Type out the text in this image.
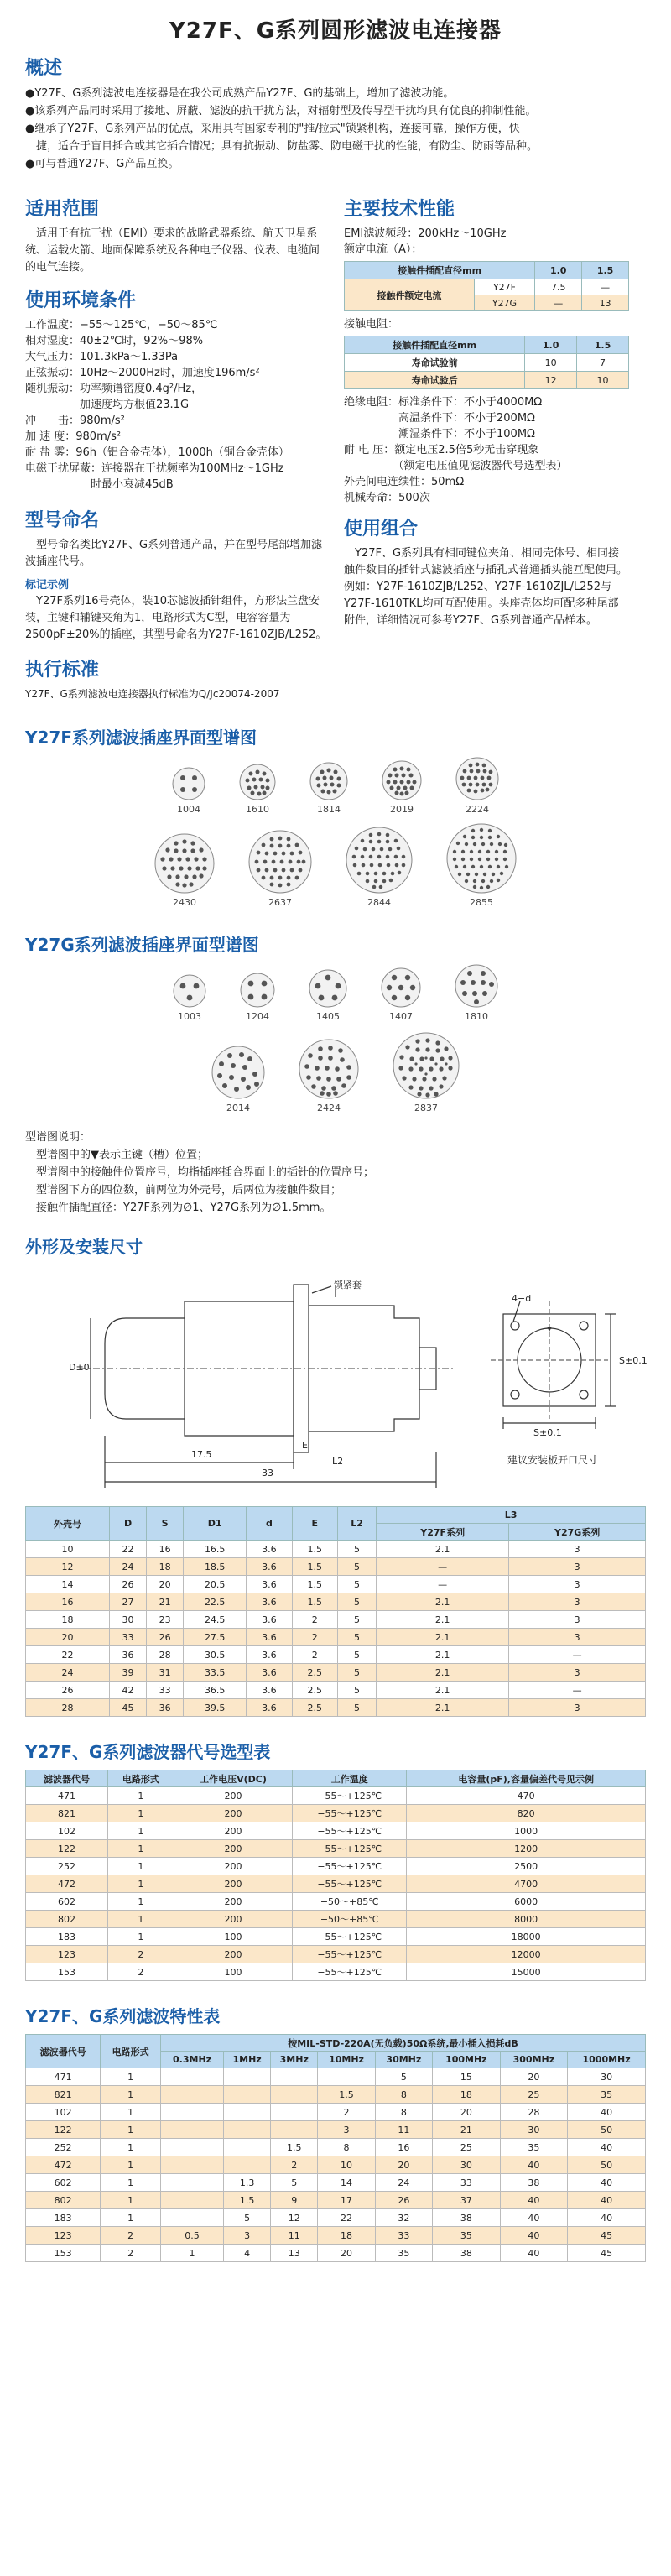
Y27F、G系列圆形滤波电连接器
概述

●Y27F、G系列滤波电连接器是在我公司成熟产品Y27F、G的基础上，增加了滤波功能。

●该系列产品同时采用了接地、屏蔽、滤波的抗干扰方法，对辐射型及传导型干扰均具有优良的抑制性能。

●继承了Y27F、G系列产品的优点，采用具有国家专利的"推/拉式"锁紧机构，连接可靠，操作方便，快

　捷，适合于盲目插合或其它插合情况；具有抗振动、防盐雾、防电磁干扰的性能，有防尘、防雨等品种。

●可与普通Y27F、G产品互换。

适用范围

　适用于有抗干扰（EMI）要求的战略武器系统、航天卫星系统、运载火箭、地面保障系统及各种电子仪器、仪表、电缆间的电气连接。

使用环境条件

工作温度：−55～125℃，−50～85℃

相对湿度：40±2℃时，92%～98%

大气压力：101.3kPa～1.33Pa

正弦振动：10Hz～2000Hz时，加速度196m/s²

随机振动：功率频谱密度0.4g²/Hz，

　　　　　加速度均方根值23.1G

冲　　击：980m/s²

加 速 度：980m/s²

耐 盐 雾：96h（铝合金壳体），1000h（铜合金壳体）

电磁干扰屏蔽：连接器在干扰频率为100MHz～1GHz

　　　　　　时最小衰减45dB

型号命名

　型号命名类比Y27F、G系列普通产品，并在型号尾部增加滤波插座代号。

标记示例

　Y27F系列16号壳体，装10芯滤波插针组件，方形法兰盘安装，主键和辅键夹角为1，电路形式为C型，电容容量为2500pF±20%的插座，其型号命名为Y27F-1610ZJB/L252。

执行标准

Y27F、G系列滤波电连接器执行标准为Q/Jc20074-2007

主要技术性能

EMI滤波频段：200kHz～10GHz

额定电流（A）：

接触件插配直径mm		1.0	1.5
接触件额定电流	Y27F	7.5	—
	Y27G	—	13

接触电阻：

接触件插配直径mm	1.0	1.5
寿命试验前	10	7
寿命试验后	12	10

绝缘电阻：标准条件下：不小于4000MΩ

　　　　　高温条件下：不小于200MΩ

　　　　　潮湿条件下：不小于100MΩ

耐 电 压：额定电压2.5倍5秒无击穿现象

　　　　　（额定电压值见滤波器代号选型表）

外壳间电连续性：50mΩ

机械寿命：500次

使用组合

　Y27F、G系列具有相同键位夹角、相同壳体号、相同接触件数目的插针式滤波插座与插孔式普通插头能互配使用。例如：Y27F-1610ZJB/L252、Y27F-1610ZJL/L252与Y27F-1610TKL均可互配使用。头座壳体均可配多种尾部附件，详细情况可参考Y27F、G系列普通产品样本。

Y27F系列滤波插座界面型谱图
1004	1610	1814	2019	2224
2430	2637	2844	2855
Y27G系列滤波插座界面型谱图
1003	1204	1405	1407	1810
2014	2424	2837

型谱图说明：

　型谱图中的▼表示主键（槽）位置；

　型谱图中的接触件位置序号，均指插座插合界面上的插针的位置序号；

　型谱图下方的四位数，前两位为外壳号，后两位为接触件数目；

　接触件插配直径：Y27F系列为∅1、Y27G系列为∅1.5mm。

外形及安装尺寸
锁紧套
D±0
L2
E
17.5
33
4−d
S±0.1
S±0.1
建议安装板开口尺寸
外壳号	D	S	D1	d	E	L2	L3	
							Y27F系列	Y27G系列
10	22	16	16.5	3.6	1.5	5	2.1	3
12	24	18	18.5	3.6	1.5	5	—	3
14	26	20	20.5	3.6	1.5	5	—	3
16	27	21	22.5	3.6	1.5	5	2.1	3
18	30	23	24.5	3.6	2	5	2.1	3
20	33	26	27.5	3.6	2	5	2.1	3
22	36	28	30.5	3.6	2	5	2.1	—
24	39	31	33.5	3.6	2.5	5	2.1	3
26	42	33	36.5	3.6	2.5	5	2.1	—
28	45	36	39.5	3.6	2.5	5	2.1	3
Y27F、G系列滤波器代号选型表
滤波器代号	电路形式	工作电压V(DC)	工作温度	电容量(pF),容量偏差代号见示例
471	1	200	−55～+125℃	470
821	1	200	−55～+125℃	820
102	1	200	−55～+125℃	1000
122	1	200	−55～+125℃	1200
252	1	200	−55～+125℃	2500
472	1	200	−55～+125℃	4700
602	1	200	−50～+85℃	6000
802	1	200	−50～+85℃	8000
183	1	100	−55～+125℃	18000
123	2	200	−55～+125℃	12000
153	2	100	−55～+125℃	15000
Y27F、G系列滤波特性表
滤波器代号	电路形式	按MIL-STD-220A(无负载)50Ω系统,最小插入损耗dB							
		0.3MHz	1MHz	3MHz	10MHz	30MHz	100MHz	300MHz	1000MHz
471	1					5	15	20	30
821	1				1.5	8	18	25	35
102	1				2	8	20	28	40
122	1				3	11	21	30	50
252	1			1.5	8	16	25	35	40
472	1			2	10	20	30	40	50
602	1		1.3	5	14	24	33	38	40
802	1		1.5	9	17	26	37	40	40
183	1		5	12	22	32	38	40	40
123	2	0.5	3	11	18	33	35	40	45
153	2	1	4	13	20	35	38	40	45
